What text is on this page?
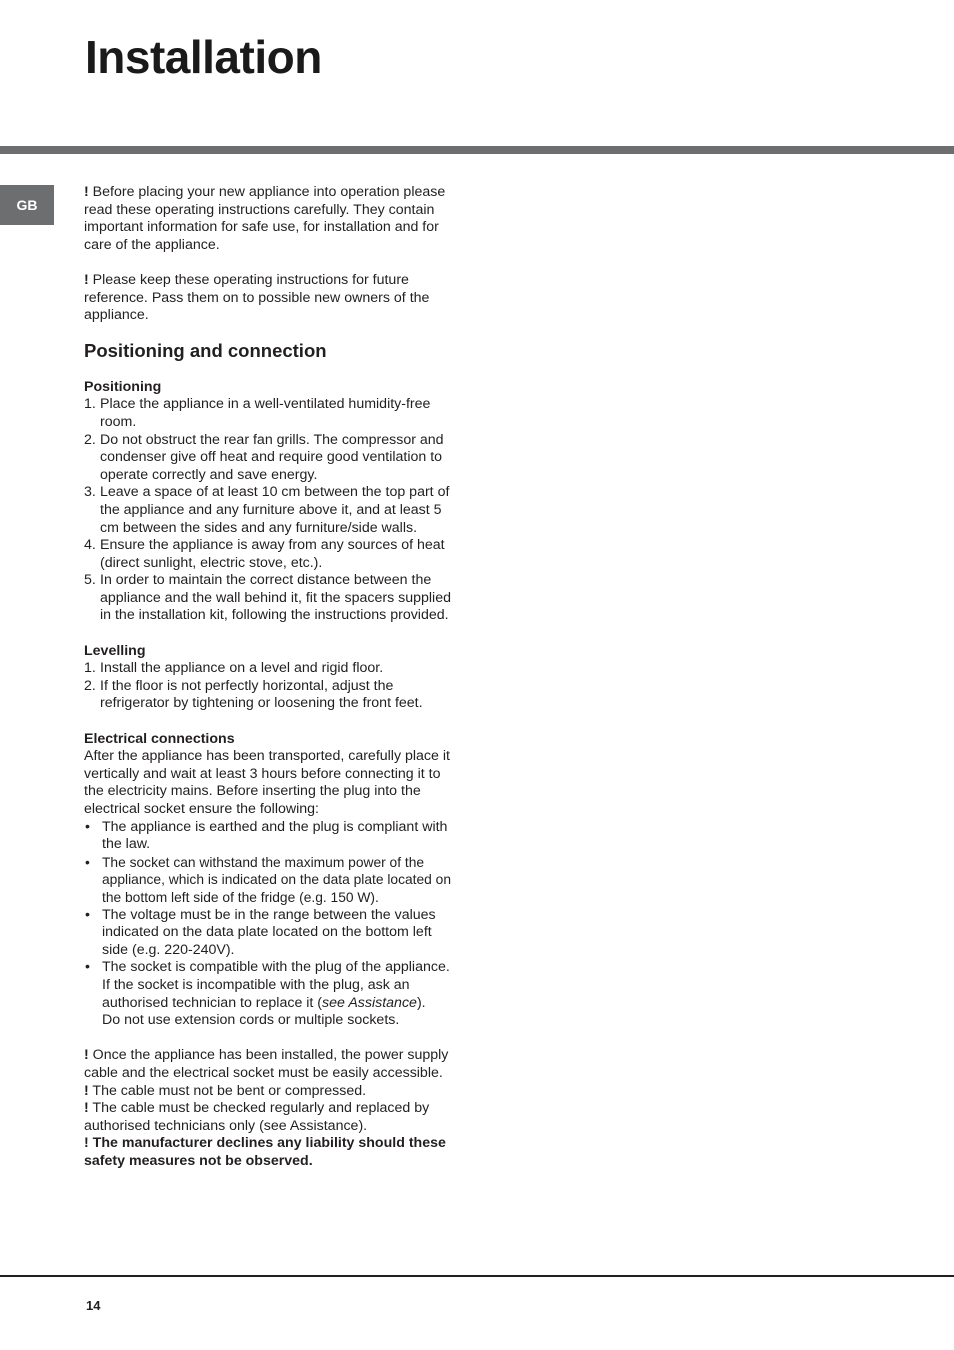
Installation
GB

! Before placing your new appliance into operation please read these operating instructions carefully. They contain important information for safe use, for installation and for care of the appliance.

! Please keep these operating instructions for future reference. Pass them on to possible new owners of the appliance.

Positioning and connection

Positioning

1. Place the appliance in a well-ventilated humidity-free room.
2. Do not obstruct the rear fan grills. The compressor and condenser give off heat and require good ventilation to operate correctly and save energy.
3. Leave a space of at least 10 cm between the top part of the appliance and any furniture above it, and at least 5 cm between the sides and any furniture/side walls.
4. Ensure the appliance is away from any sources of heat (direct sunlight, electric stove, etc.).
5. In order to maintain the correct distance between the appliance and the wall behind it, fit the spacers supplied in the installation kit, following the instructions provided.

Levelling

1. Install the appliance on a level and rigid floor.
2. If the floor is not perfectly horizontal, adjust the refrigerator by tightening or loosening the front feet.

Electrical connections

After the appliance has been transported, carefully place it vertically and wait at least 3 hours before connecting it to the electricity mains. Before inserting the plug into the electrical socket ensure the following:

• The appliance is earthed and the plug is compliant with the law.
• The socket can withstand the maximum power of the appliance, which is indicated on the data plate located on the bottom left side of the fridge (e.g. 150 W).
• The voltage must be in the range between the values indicated on the data plate located on the bottom left side (e.g. 220-240V).
• The socket is compatible with the plug of the appliance.
If the socket is incompatible with the plug, ask an authorised technician to replace it (see Assistance).
Do not use extension cords or multiple sockets.

! Once the appliance has been installed, the power supply cable and the electrical socket must be easily accessible.

! The cable must not be bent or compressed.

! The cable must be checked regularly and replaced by authorised technicians only (see Assistance).

! The manufacturer declines any liability should these safety measures not be observed.

14
